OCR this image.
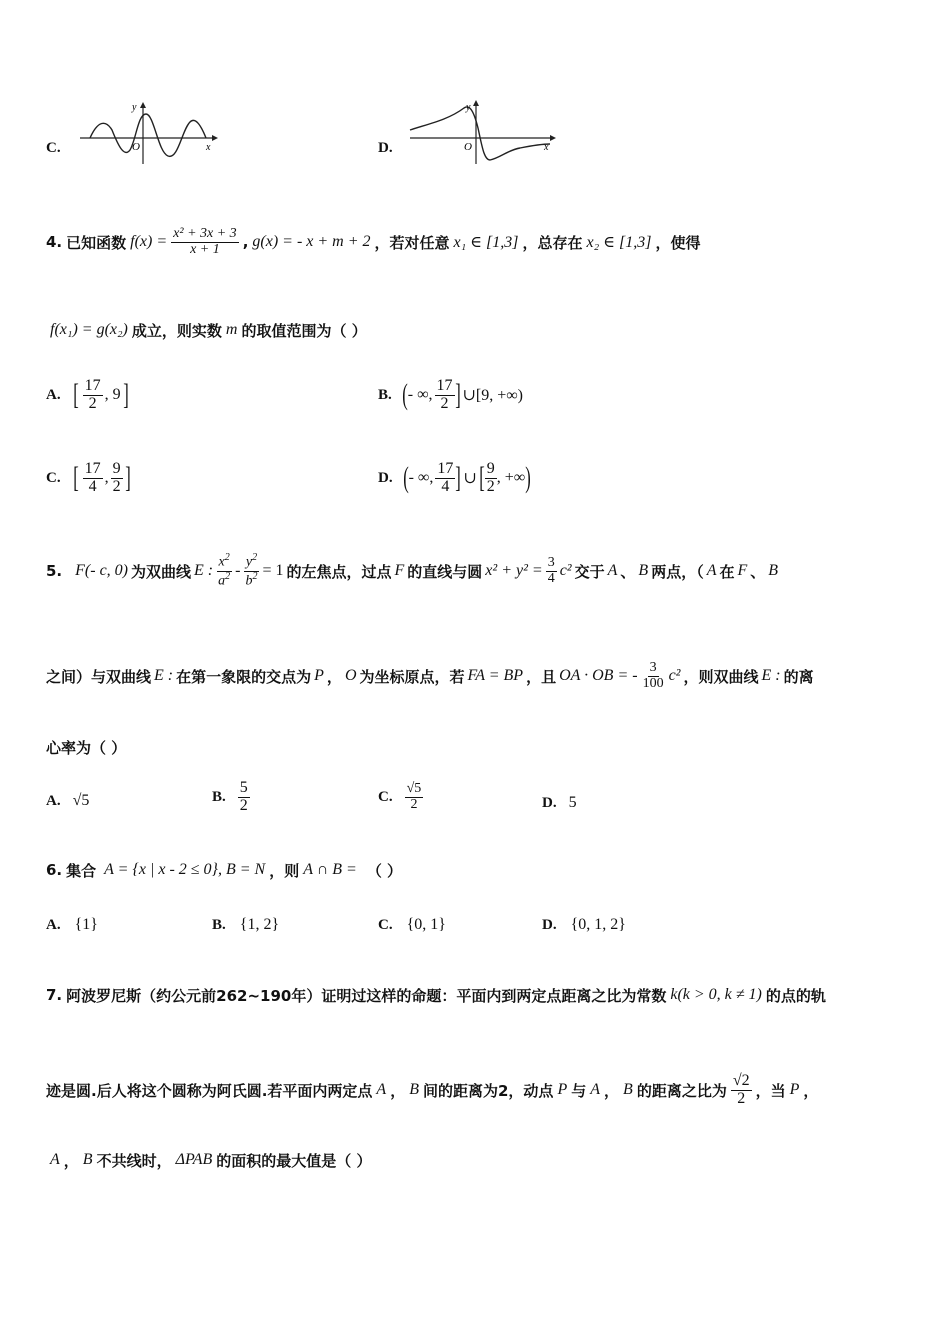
C.	x
y
O	D.	x
y
O
4. 已知函数 $f(x) = \frac{\text{x² + 3x + 3}}{x + 1}$ , g(x) = - x + m + 2 ，若对任意 x₁ ∈ [1,3] ，总存在 x₂ ∈ [1,3] ，使得
f(x₁) = g(x₂) 成立，则实数 m 的取值范围为（ ）
A. [ $\frac{17}{2}$ , 9 ]	B. ( - ∞, $\frac{17}{2}$ ] ∪[9, +∞)
C. [ $\frac{17}{4}$ , $\frac{9}{2}$ ]	D. ( - ∞, $\frac{17}{4}$ ] ∪ [ $\frac{9}{2}$ , +∞ )
5. F(- c, 0) 为双曲线 E : $\frac{x^2}{a^2} - \frac{y^2}{b^2} = 1$ 的左焦点，过点 F 的直线与圆 $x^2 + y^2 = \frac{3}{4} c^2$ 交于 A 、 B 两点，（ A 在 F 、 B
之间）与双曲线 E : 在第一象限的交点为 P ， O 为坐标原点，若 FA = BP ，且 OA · OB = - $\frac{3}{100} c^2$ ，则双曲线 E : 的离
心率为（ ）
A. √5	B. $\frac{5}{2}$	C. $\frac{√5}{2}$	D. 5
6. 集合 A = {x | x - 2 ≤ 0}, B = N ，则 A ∩ B = （ ）
A. {1}	B. {1, 2}	C. {0, 1}	D. {0, 1, 2}
7. 阿波罗尼斯（约公元前262~190年）证明过这样的命题：平面内到两定点距离之比为常数 k(k > 0, k ≠ 1) 的点的轨
迹是圆.后人将这个圆称为阿氏圆.若平面内两定点 A ， B 间的距离为2，动点 P 与 A ， B 的距离之比为 $\frac{√2}{2}$ ，当 P ，
A ， B 不共线时， ΔPAB 的面积的最大值是（ ）
